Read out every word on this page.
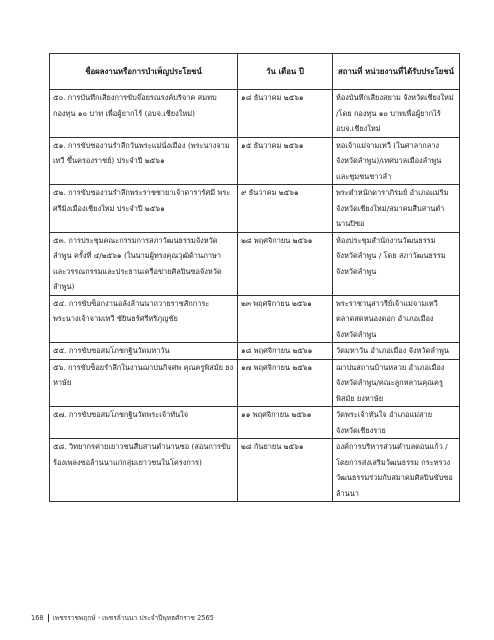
ชื่อผลงานหรือการบำเพ็ญประโยชน์	วัน เดือน ปี	สถานที่ หน่วยงานที่ได้รับประโยชน์
๕๐. การบันทึกเสียงการขับจ๊อยรณรงค์บริจาค สมทบกองทุน ๑๐ บาท เพื่อผู้ยากไร้ (อบจ.เชียงใหม่)	๑๘ ธันวาคม ๒๕๖๑	ห้องบันทึกเสียงสยาม จังหวัดเชียงใหม่ /โดย กองทุน ๑๐ บาทเพื่อผู้ยากไร้ อบจ.เชียงใหม่
๕๑. การขับซองานรำลึกวันพระแม่นั่งเมือง (พระนางจามเทวี ขึ้นครองราชย์) ประจำปี ๒๕๖๑	๑๕ ธันวาคม ๒๕๖๑	หอเจ้าแม่จามเทวี (ในศาลากลางจังหวัดลำพูน)/เทศบาลเมืองลำพูน และชุมชนชาวลำ
๕๒. การขับซองานรำลึกพระราชชายาเจ้าดารารัศมี พระศรีมิ่งเมืองเชียงใหม่ ประจำปี ๒๕๖๑	๙ ธันวาคม ๒๕๖๑	พระตำหนักดาราภิรมย์ อำเภอแม่ริม จังหวัดเชียงใหม่/สมาคมสืบสานตำนานปิซอ
๕๓. การประชุมคณะกรรมการสภาวัฒนธรรมจังหวัดลำพูน ครั้งที่ ๔/๒๕๖๑ (ในนามผู้ทรงคุณวุฒิด้านภาษาและวรรณกรรมและประธานเครือข่ายศิลปินซอจังหวัดลำพูน)	๒๘ พฤศจิกายน ๒๕๖๑	ห้องประชุมสำนักงานวัฒนธรรมจังหวัดลำพูน / โดย สภาวัฒนธรรมจังหวัดลำพูน
๕๔. การขับซ็อกงานอลังล้านนาถวายราชสักการะพระนางเจ้าจามเทวี ชัยินธร์ศรีหริภุญชัย	๒๓ พฤศจิกายน ๒๕๖๑	พระราชานุสาวรีย์เจ้าแม่จามเทวี ตลาดสดหนองดอก อำเภอเมือง จังหวัดลำพูน
๕๕. การขับซอสมโภชกฐินวัดมหาวัน	๑๘ พฤศจิกายน ๒๕๖๑	วัดมหาวัน อำเภอเมือง จังหวัดลำพูน
๕๖. การขับซ็อยรำลึกในงานฌาปนกิจศพ คุณครูพิสมัย ยงหาษัย	๑๗ พฤศจิกายน ๒๕๖๑	ฌาปนสถานบ้านหลวย อำเภอเมือง จังหวัดลำพูน/คณะลูกหลานคุณครูพิสมัย ยงหาษัย
๕๗. การขับซอสมโภชกฐินวัดพระเจ้าทันใจ	๑๑ พฤศจิกายน ๒๕๖๑	วัดพระเจ้าทันใจ อำเภอแม่สาย จังหวัดเชียงราย
๕๘. วิทยากรค่ายเยาวชนสืบสานตำนานซอ (สอนการขับร้องเพลงซอล้านนาแก่กลุ่มเยาวชนในโครงการ)	๒๘ กันยายน ๒๕๖๑	องค์การบริหารส่วนตำบลดอนแก้ว / โดยการส่งเสริมวัฒนธรรม กระทรวงวัฒนธรรมร่วมกับสมาคมศิลปินขับซอล้านนา
168 เพชรราชพฤกษ์ - เพชรล้านนา ประจำปีพุทธศักราช 2565
